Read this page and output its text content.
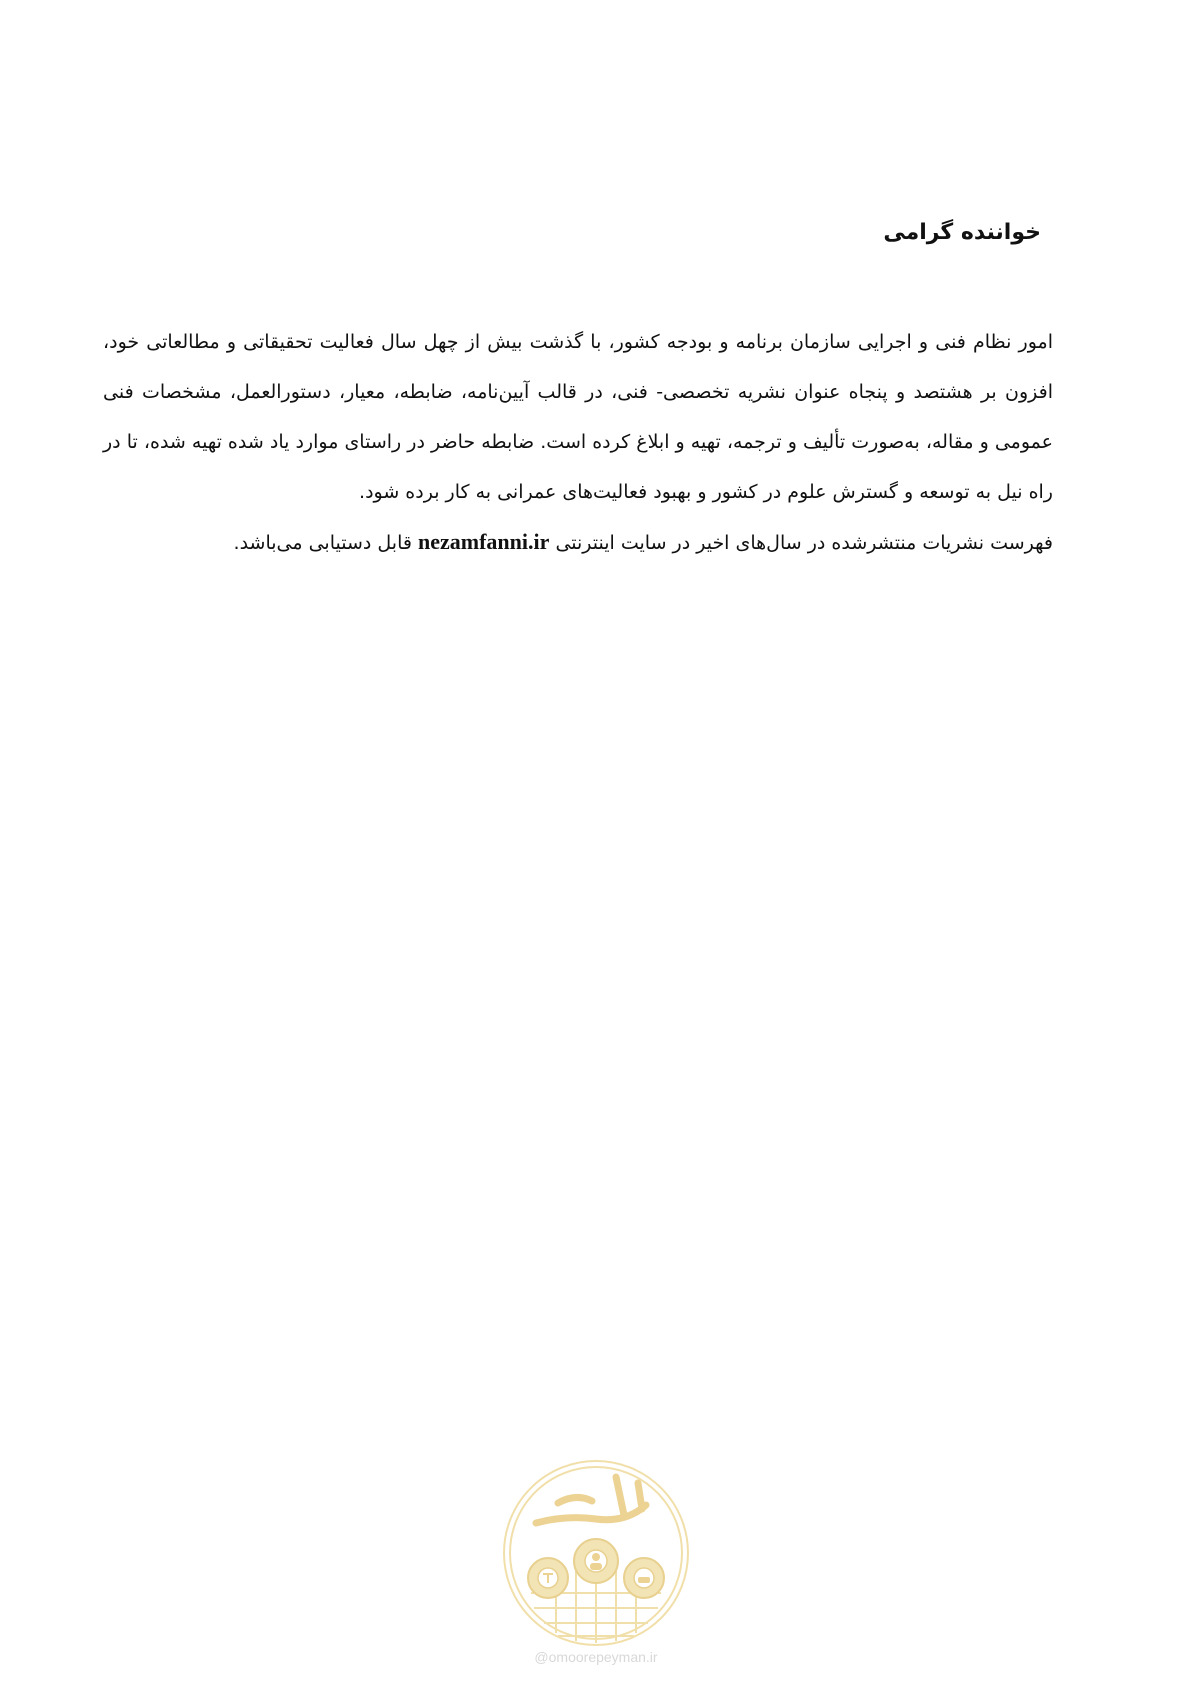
خواننده گرامی

امور نظام فنی و اجرایی سازمان برنامه و بودجه کشور، با گذشت بیش از چهل سال فعالیت تحقیقاتی و مطالعاتی خود، افزون بر هشتصد و پنجاه عنوان نشریه تخصصی- فنی، در قالب آیین‌نامه، ضابطه، معیار، دستورالعمل، مشخصات فنی عمومی و مقاله، به‌صورت تألیف و ترجمه، تهیه و ابلاغ کرده است. ضابطه حاضر در راستای موارد یاد شده تهیه شده، تا در راه نیل به توسعه و گسترش علوم در کشور و بهبود فعالیت‌های عمرانی به کار برده شود.

فهرست نشریات منتشرشده در سال‌های اخیر در سایت اینترنتی nezamfanni.ir قابل دستیابی می‌باشد.

@omoorepeyman.ir
